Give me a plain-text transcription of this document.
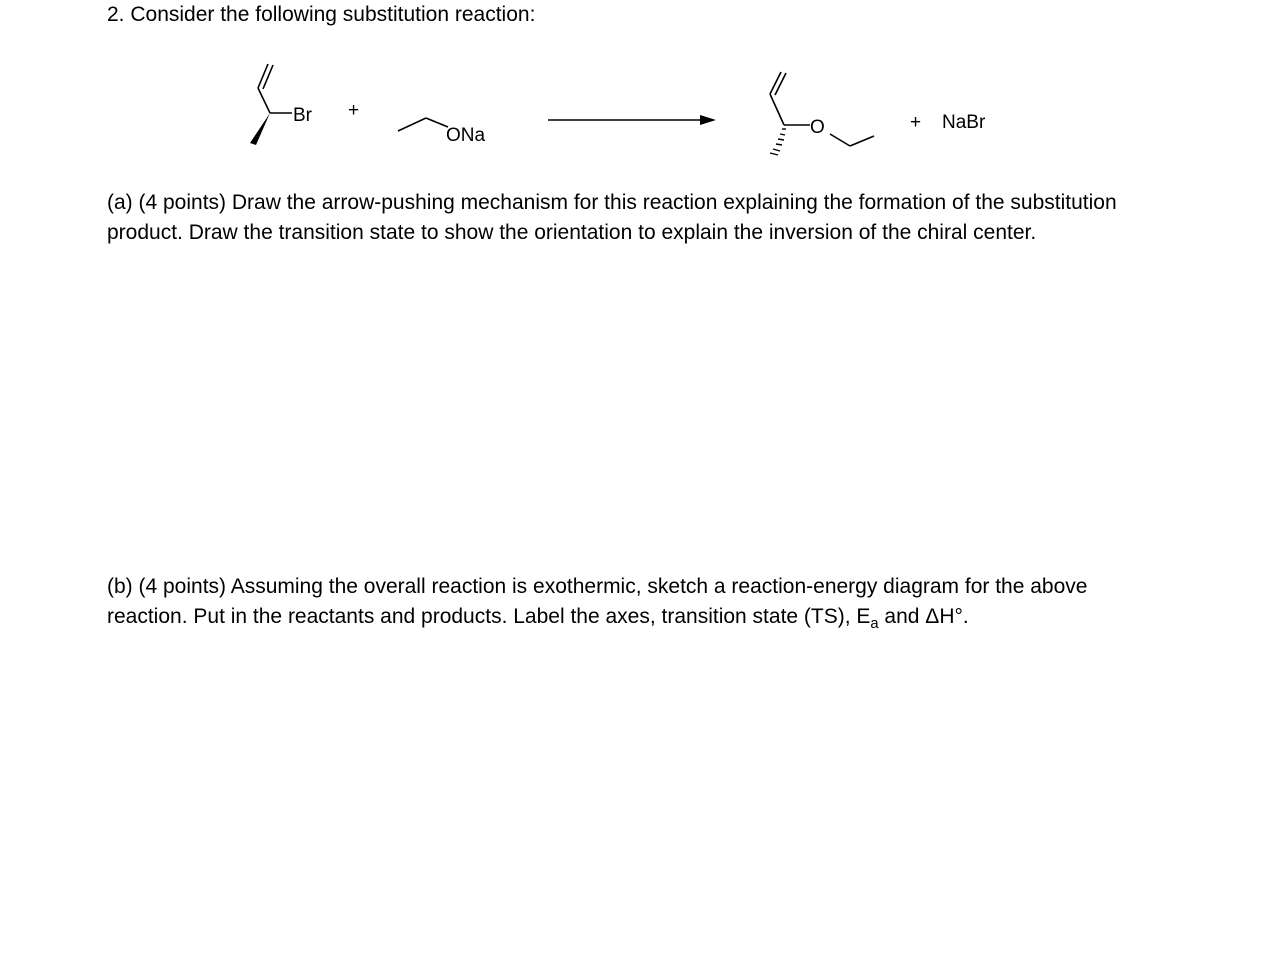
2. Consider the following substitution reaction:

Br +
ONa	O	+ NaBr

(a) (4 points) Draw the arrow-pushing mechanism for this reaction explaining the formation of the substitution product. Draw the transition state to show the orientation to explain the inversion of the chiral center.

(b) (4 points) Assuming the overall reaction is exothermic, sketch a reaction-energy diagram for the above reaction. Put in the reactants and products. Label the axes, transition state (TS), $E_a$ and ΔH°.
